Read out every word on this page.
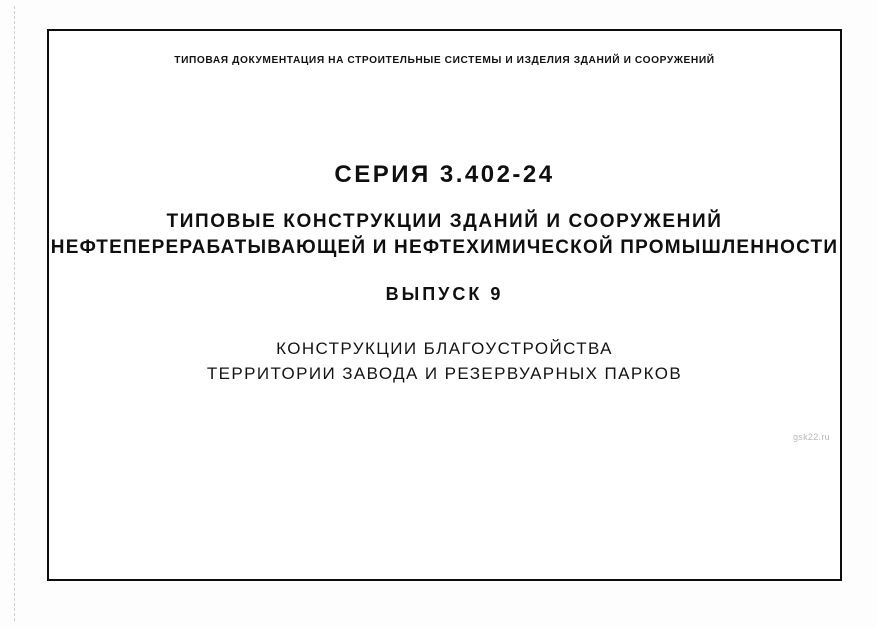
ТИПОВАЯ ДОКУМЕНТАЦИЯ НА СТРОИТЕЛЬНЫЕ СИСТЕМЫ И ИЗДЕЛИЯ ЗДАНИЙ И СООРУЖЕНИЙ
СЕРИЯ 3.402-24
ТИПОВЫЕ КОНСТРУКЦИИ ЗДАНИЙ И СООРУЖЕНИЙ
НЕФТЕПЕРЕРАБАТЫВАЮЩЕЙ И НЕФТЕХИМИЧЕСКОЙ ПРОМЫШЛЕННОСТИ
ВЫПУСК 9
КОНСТРУКЦИИ БЛАГОУСТРОЙСТВА
ТЕРРИТОРИИ ЗАВОДА И РЕЗЕРВУАРНЫХ ПАРКОВ
gsk22.ru
